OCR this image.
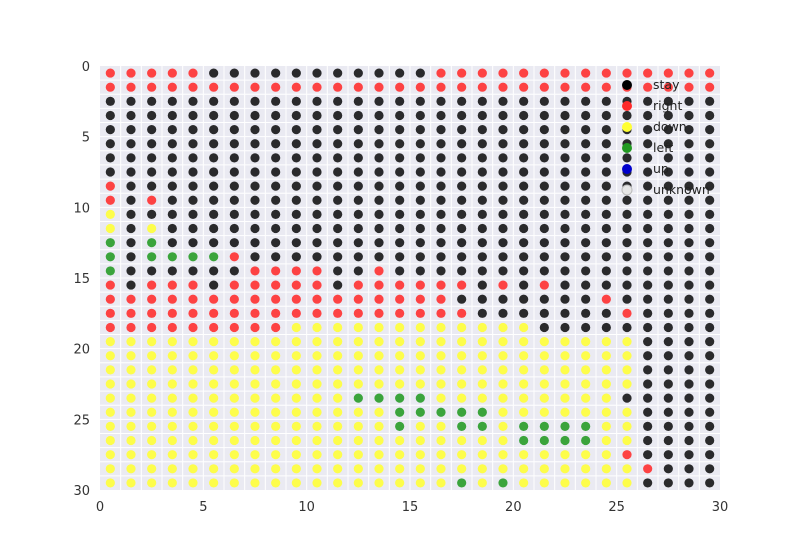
0	5	10	15	20	25	30
0
5
10
15
20
25
30
stay
right
down
left
up
unknown
